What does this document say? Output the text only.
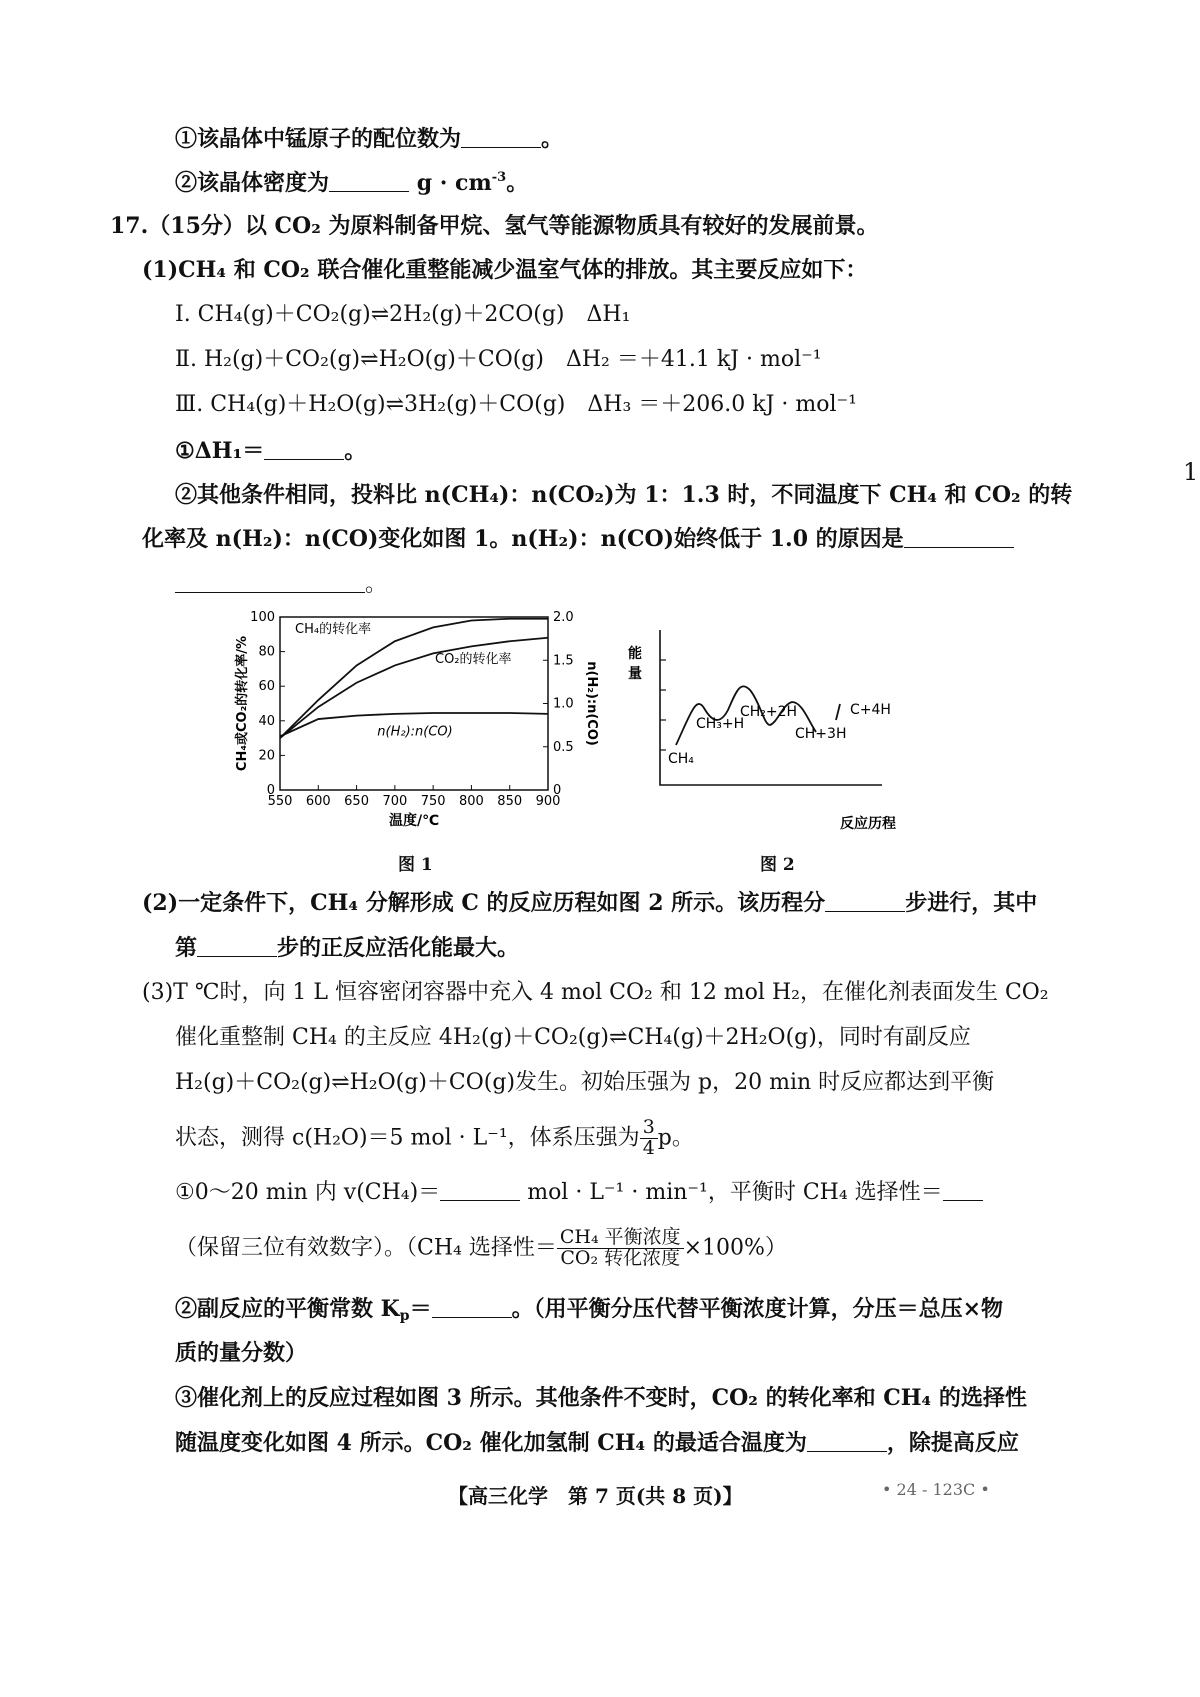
①该晶体中锰原子的配位数为	。
②该晶体密度为	$g \cdot cm^{-3}$。
17.（15分）以 CO₂ 为原料制备甲烷、氢气等能源物质具有较好的发展前景。
(1)CH₄ 和 CO₂ 联合催化重整能减少温室气体的排放。其主要反应如下：
Ⅰ. CH₄(g)＋CO₂(g)⇌2H₂(g)＋2CO(g)　ΔH₁
Ⅱ. H₂(g)＋CO₂(g)⇌H₂O(g)＋CO(g)　ΔH₂ ＝＋41.1 kJ · mol⁻¹
Ⅲ. CH₄(g)＋H₂O(g)⇌3H₂(g)＋CO(g)　ΔH₃ ＝＋206.0 kJ · mol⁻¹
①ΔH₁＝	。
②其他条件相同，投料比 n(CH₄)：n(CO₂)为 1：1.3 时，不同温度下 CH₄ 和 CO₂ 的转
化率及 n(H₂)：n(CO)变化如图 1。n(H₂)：n(CO)始终低于 1.0 的原因是
。
550 600 650 700 750 800 850 900
0
20
40
60
80
100
0
0.5
1.0
1.5
2.0
温度/℃
CH₄或CO₂的转化率/%	n(H₂):n(CO)
CH₄的转化率
CO₂的转化率
n(H₂):n(CO)
图 1
能
量
CH₄
CH₃+H
CH₂+2H
CH+3H
C+4H
反应历程
图 2
(2)一定条件下，CH₄ 分解形成 C 的反应历程如图 2 所示。该历程分	步进行，其中
第	步的正反应活化能最大。
(3)T ℃时，向 1 L 恒容密闭容器中充入 4 mol CO₂ 和 12 mol H₂，在催化剂表面发生 CO₂
催化重整制 CH₄ 的主反应 4H₂(g)＋CO₂(g)⇌CH₄(g)＋2H₂O(g)，同时有副反应
H₂(g)＋CO₂(g)⇌H₂O(g)＋CO(g)发生。初始压强为 p，20 min 时反应都达到平衡
状态，测得 c(H₂O)＝5 mol · L⁻¹，体系压强为 $\frac{3}{4}$ p。
①0～20 min 内 v(CH₄)＝	mol · L⁻¹ · min⁻¹，平衡时 CH₄ 选择性＝
（保留三位有效数字）。（CH₄ 选择性＝ $\frac{\text{CH₄ 平衡浓度}}{\text{CO₂ 转化浓度}} \times 100\%$）
②副反应的平衡常数 $K_p=$	。（用平衡分压代替平衡浓度计算，分压＝总压×物
质的量分数）
③催化剂上的反应过程如图 3 所示。其他条件不变时，CO₂ 的转化率和 CH₄ 的选择性
随温度变化如图 4 所示。CO₂ 催化加氢制 CH₄ 的最适合温度为	，除提高反应
【高三化学　第 7 页(共 8 页)】	• 24 - 123C •
1
